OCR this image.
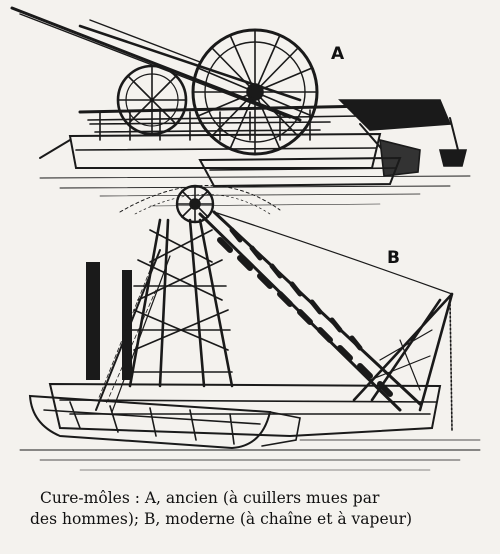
A
B
Cure-môles : A, ancien (à cuillers mues par
des hommes); B, moderne (à chaîne et à vapeur)
